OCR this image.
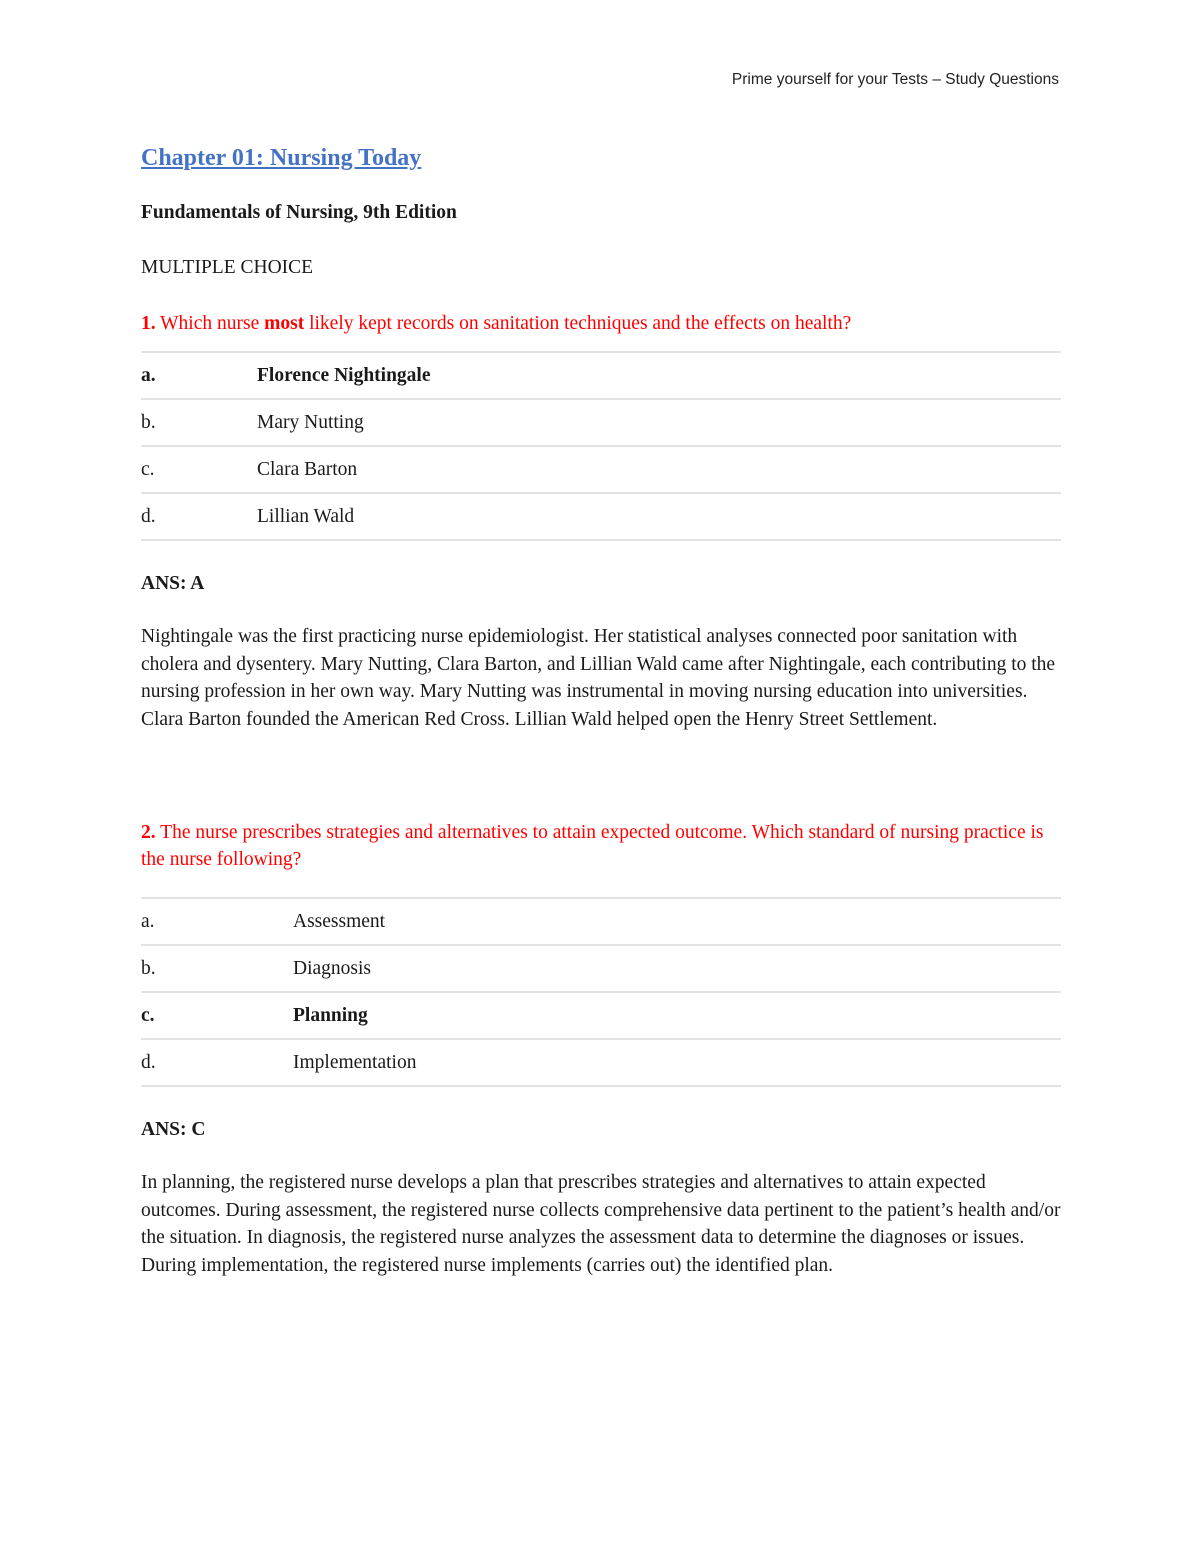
Prime yourself for your Tests – Study Questions
Chapter 01: Nursing Today
Fundamentals of Nursing, 9th Edition
MULTIPLE CHOICE
1. Which nurse most likely kept records on sanitation techniques and the effects on health?
a.	Florence Nightingale
b.	Mary Nutting
c.	Clara Barton
d.	Lillian Wald
ANS: A
Nightingale was the first practicing nurse epidemiologist. Her statistical analyses connected poor sanitation with cholera and dysentery. Mary Nutting, Clara Barton, and Lillian Wald came after Nightingale, each contributing to the nursing profession in her own way. Mary Nutting was instrumental in moving nursing education into universities. Clara Barton founded the American Red Cross. Lillian Wald helped open the Henry Street Settlement.
2. The nurse prescribes strategies and alternatives to attain expected outcome. Which standard of nursing practice is the nurse following?
a.	Assessment
b.	Diagnosis
c.	Planning
d.	Implementation
ANS: C
In planning, the registered nurse develops a plan that prescribes strategies and alternatives to attain expected outcomes. During assessment, the registered nurse collects comprehensive data pertinent to the patient’s health and/or the situation. In diagnosis, the registered nurse analyzes the assessment data to determine the diagnoses or issues. During implementation, the registered nurse implements (carries out) the identified plan.
